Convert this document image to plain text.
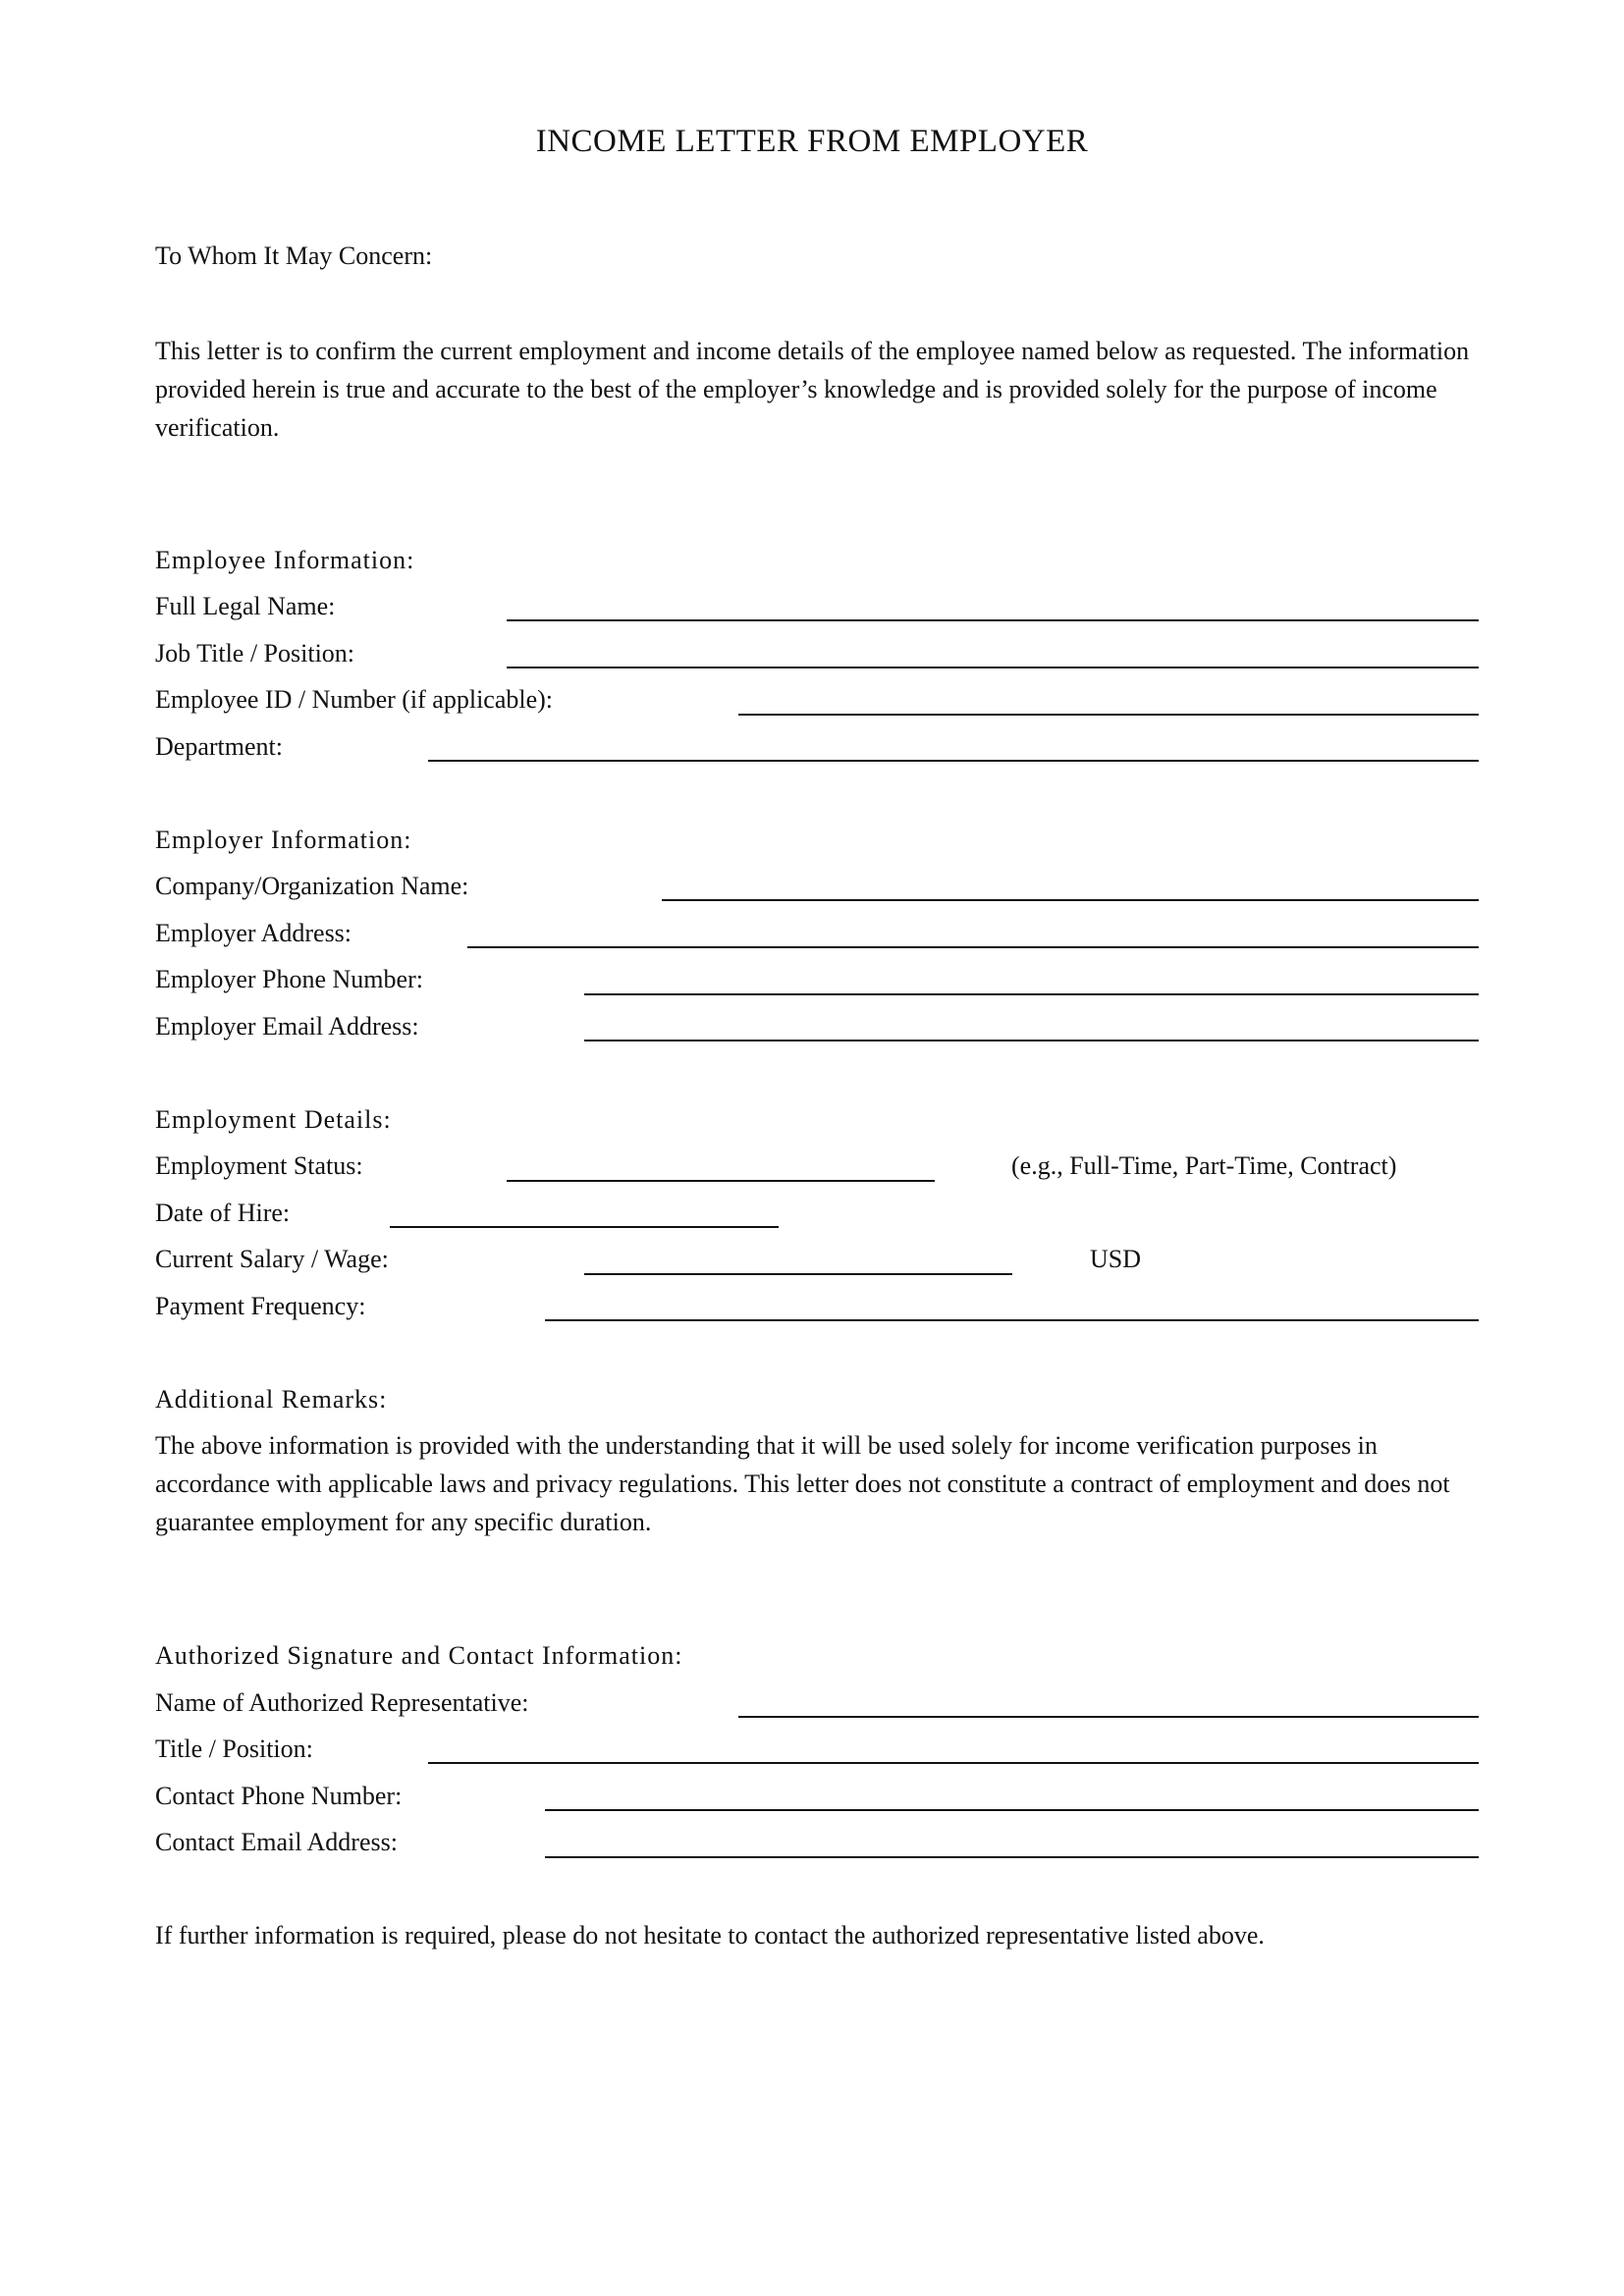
INCOME LETTER FROM EMPLOYER
To Whom It May Concern:
This letter is to confirm the current employment and income details of the employee named below as requested. The information provided herein is true and accurate to the best of the employer’s knowledge and is provided solely for the purpose of income verification.
Employee Information:
Full Legal Name:
Job Title / Position:
Employee ID / Number (if applicable):
Department:
Employer Information:
Company/Organization Name:
Employer Address:
Employer Phone Number:
Employer Email Address:
Employment Details:
Employment Status:	(e.g., Full-Time, Part-Time, Contract)
Date of Hire:
Current Salary / Wage:	USD
Payment Frequency:
Additional Remarks:
The above information is provided with the understanding that it will be used solely for income verification purposes in accordance with applicable laws and privacy regulations. This letter does not constitute a contract of employment and does not guarantee employment for any specific duration.
Authorized Signature and Contact Information:
Name of Authorized Representative:
Title / Position:
Contact Phone Number:
Contact Email Address:
If further information is required, please do not hesitate to contact the authorized representative listed above.
